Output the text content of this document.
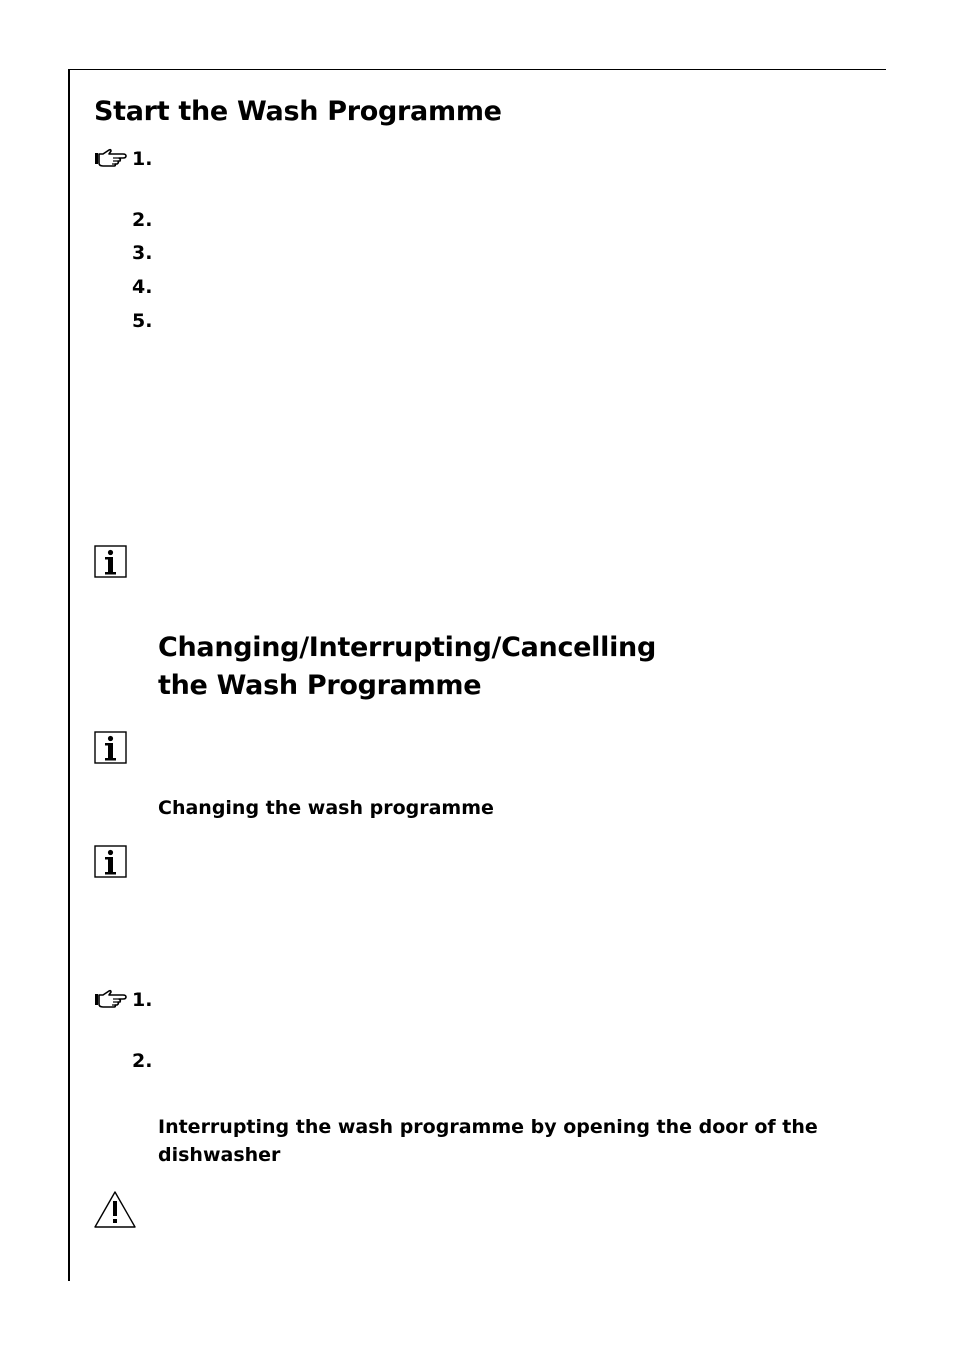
Start the Wash Programme
1.
2.
3.
4.
5.
Changing/Interrupting/Cancelling
the Wash Programme
Changing the wash programme
1.
2.
Interrupting the wash programme by opening the door of the dishwasher
